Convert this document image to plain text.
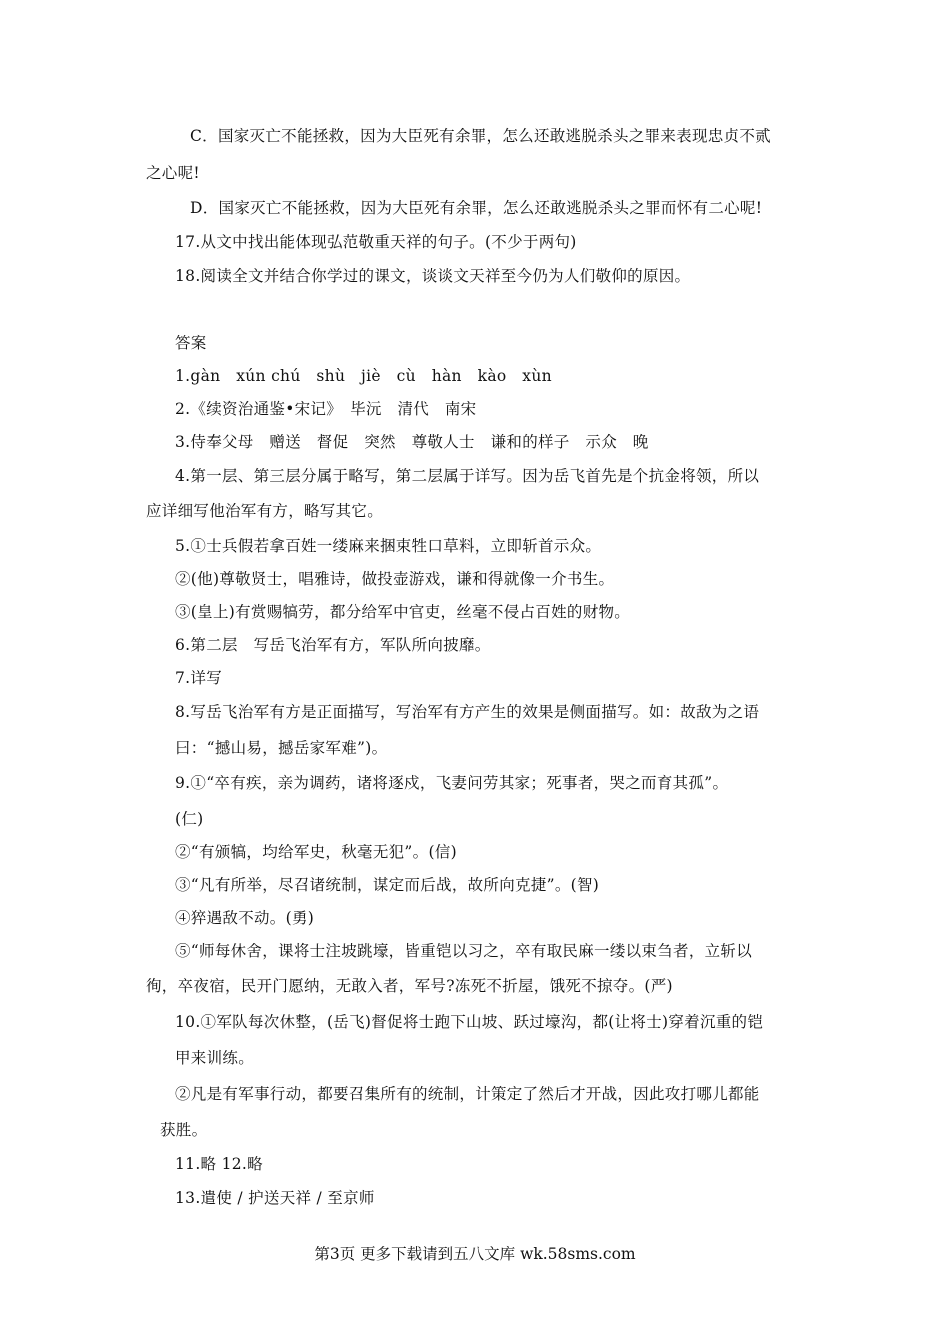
C．国家灭亡不能拯救，因为大臣死有余罪，怎么还敢逃脱杀头之罪来表现忠贞不贰
之心呢!
D．国家灭亡不能拯救，因为大臣死有余罪，怎么还敢逃脱杀头之罪而怀有二心呢!
17.从文中找出能体现弘范敬重天祥的句子。(不少于两句)
18.阅读全文并结合你学过的课文，谈谈文天祥至今仍为人们敬仰的原因。
答案
1.gàn　xún chú　shù　jiè　cù　hàn　kào　xùn
2.《续资治通鉴•宋记》　毕沅　清代　南宋
3.侍奉父母　赠送　督促　突然　尊敬人士　谦和的样子　示众　晚
4.第一层、第三层分属于略写，第二层属于详写。因为岳飞首先是个抗金将领，所以
应详细写他治军有方，略写其它。
5.①士兵假若拿百姓一缕麻来捆束牲口草料，立即斩首示众。
②(他)尊敬贤士，唱雅诗，做投壶游戏，谦和得就像一介书生。
③(皇上)有赏赐犒劳，都分给军中官吏，丝毫不侵占百姓的财物。
6.第二层　写岳飞治军有方，军队所向披靡。
7.详写
8.写岳飞治军有方是正面描写，写治军有方产生的效果是侧面描写。如：故敌为之语
曰：“撼山易，撼岳家军难”)。
9.①“卒有疾，亲为调药，诸将逐戍，飞妻问劳其家；死事者，哭之而育其孤”。
(仁)
②“有颁犒，均给军史，秋毫无犯”。(信)
③“凡有所举，尽召诸统制，谋定而后战，故所向克捷”。(智)
④猝遇敌不动。(勇)
⑤“师每休舍，课将士注坡跳壕，皆重铠以习之，卒有取民麻一缕以束刍者，立斩以
徇，卒夜宿，民开门愿纳，无敢入者，军号?冻死不折屋，饿死不掠夺。(严)
10.①军队每次休整，(岳飞)督促将士跑下山坡、跃过壕沟，都(让将士)穿着沉重的铠
甲来训练。
②凡是有军事行动，都要召集所有的统制，计策定了然后才开战，因此攻打哪儿都能
获胜。
11.略 12.略
13.遣使 / 护送天祥 / 至京师
第3页 更多下载请到五八文库 wk.58sms.com
